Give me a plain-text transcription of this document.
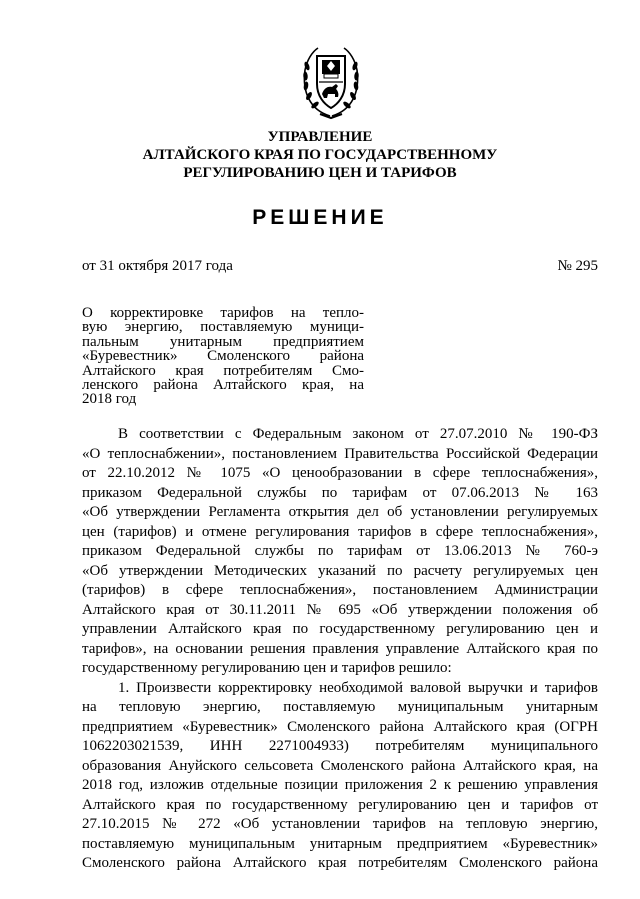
УПРАВЛЕНИЕ
АЛТАЙСКОГО КРАЯ ПО ГОСУДАРСТВЕННОМУ
РЕГУЛИРОВАНИЮ ЦЕН И ТАРИФОВ
РЕШЕНИЕ
от 31 октября 2017 года	№ 295
О корректировке тарифов на тепло-
вую энергию, поставляемую муници-
пальным унитарным предприятием
«Буревестник» Смоленского района
Алтайского края потребителям Смо-
ленского района Алтайского края, на
2018 год
В соответствии с Федеральным законом от 27.07.2010 № 190-ФЗ
«О теплоснабжении», постановлением Правительства Российской Федерации
от 22.10.2012 № 1075 «О ценообразовании в сфере теплоснабжения»,
приказом Федеральной службы по тарифам от 07.06.2013 № 163
«Об утверждении Регламента открытия дел об установлении регулируемых
цен (тарифов) и отмене регулирования тарифов в сфере теплоснабжения»,
приказом Федеральной службы по тарифам от 13.06.2013 № 760-э
«Об утверждении Методических указаний по расчету регулируемых цен
(тарифов) в сфере теплоснабжения», постановлением Администрации
Алтайского края от 30.11.2011 № 695 «Об утверждении положения об
управлении Алтайского края по государственному регулированию цен и
тарифов», на основании решения правления управление Алтайского края по
государственному регулированию цен и тарифов решило:
1. Произвести корректировку необходимой валовой выручки и тарифов
на тепловую энергию, поставляемую муниципальным унитарным
предприятием «Буревестник» Смоленского района Алтайского края (ОГРН
1062203021539, ИНН 2271004933) потребителям муниципального
образования Ануйского сельсовета Смоленского района Алтайского края, на
2018 год, изложив отдельные позиции приложения 2 к решению управления
Алтайского края по государственному регулированию цен и тарифов от
27.10.2015 № 272 «Об установлении тарифов на тепловую энергию,
поставляемую муниципальным унитарным предприятием «Буревестник»
Смоленского района Алтайского края потребителям Смоленского района
